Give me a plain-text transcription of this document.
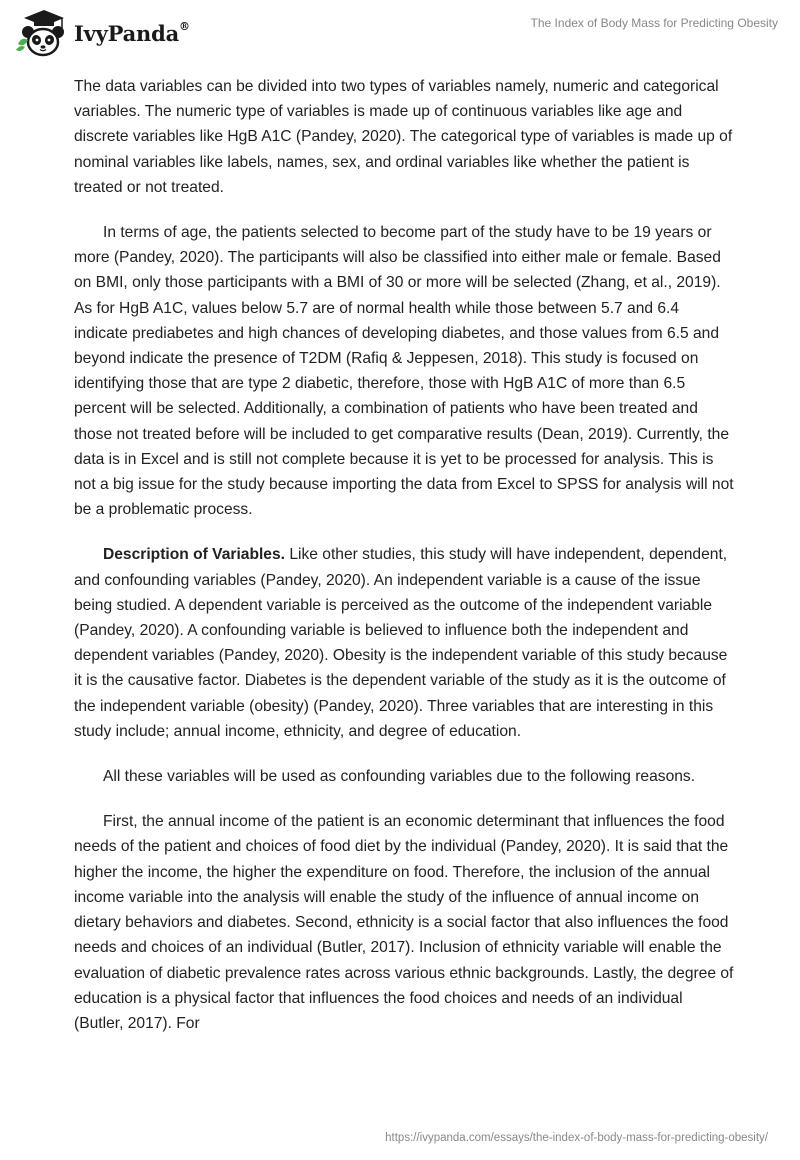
IvyPanda®	The Index of Body Mass for Predicting Obesity

The data variables can be divided into two types of variables namely, numeric and categorical variables. The numeric type of variables is made up of continuous variables like age and discrete variables like HgB A1C (Pandey, 2020). The categorical type of variables is made up of nominal variables like labels, names, sex, and ordinal variables like whether the patient is treated or not treated.

In terms of age, the patients selected to become part of the study have to be 19 years or more (Pandey, 2020). The participants will also be classified into either male or female. Based on BMI, only those participants with a BMI of 30 or more will be selected (Zhang, et al., 2019). As for HgB A1C, values below 5.7 are of normal health while those between 5.7 and 6.4 indicate prediabetes and high chances of developing diabetes, and those values from 6.5 and beyond indicate the presence of T2DM (Rafiq & Jeppesen, 2018). This study is focused on identifying those that are type 2 diabetic, therefore, those with HgB A1C of more than 6.5 percent will be selected. Additionally, a combination of patients who have been treated and those not treated before will be included to get comparative results (Dean, 2019). Currently, the data is in Excel and is still not complete because it is yet to be processed for analysis. This is not a big issue for the study because importing the data from Excel to SPSS for analysis will not be a problematic process.

Description of Variables. Like other studies, this study will have independent, dependent, and confounding variables (Pandey, 2020). An independent variable is a cause of the issue being studied. A dependent variable is perceived as the outcome of the independent variable (Pandey, 2020). A confounding variable is believed to influence both the independent and dependent variables (Pandey, 2020). Obesity is the independent variable of this study because it is the causative factor. Diabetes is the dependent variable of the study as it is the outcome of the independent variable (obesity) (Pandey, 2020). Three variables that are interesting in this study include; annual income, ethnicity, and degree of education.

All these variables will be used as confounding variables due to the following reasons.

First, the annual income of the patient is an economic determinant that influences the food needs of the patient and choices of food diet by the individual (Pandey, 2020). It is said that the higher the income, the higher the expenditure on food. Therefore, the inclusion of the annual income variable into the analysis will enable the study of the influence of annual income on dietary behaviors and diabetes. Second, ethnicity is a social factor that also influences the food needs and choices of an individual (Butler, 2017). Inclusion of ethnicity variable will enable the evaluation of diabetic prevalence rates across various ethnic backgrounds. Lastly, the degree of education is a physical factor that influences the food choices and needs of an individual (Butler, 2017). For

https://ivypanda.com/essays/the-index-of-body-mass-for-predicting-obesity/
